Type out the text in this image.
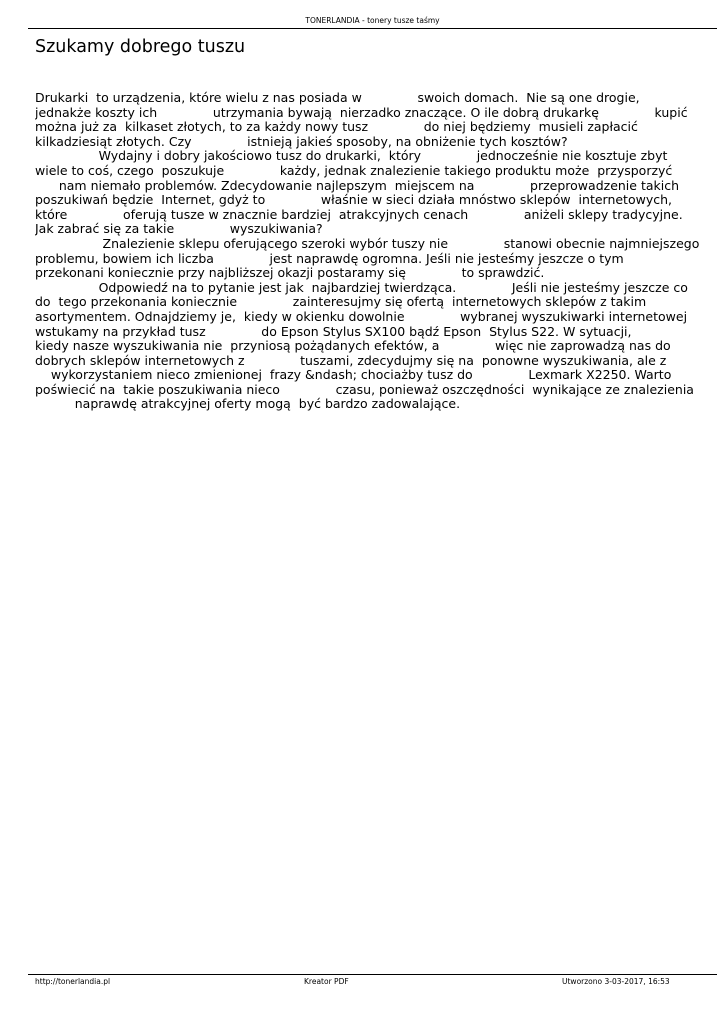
TONERLANDIA - tonery tusze taśmy
Szukamy dobrego tuszu
Drukarki  to urządzenia, które wielu z nas posiada w              swoich domach.  Nie są one drogie,
jednakże koszty ich              utrzymania bywają  nierzadko znaczące. O ile dobrą drukarkę              kupić
można już za  kilkaset złotych, to za każdy nowy tusz              do niej będziemy  musieli zapłacić
kilkadziesiąt złotych. Czy              istnieją jakieś sposoby, na obniżenie tych kosztów?
Wydajny i dobry jakościowo tusz do drukarki,  który              jednocześnie nie kosztuje zbyt
wiele to coś, czego  poszukuje              każdy, jednak znalezienie takiego produktu może  przysporzyć
nam niemało problemów. Zdecydowanie najlepszym  miejscem na              przeprowadzenie takich
poszukiwań będzie  Internet, gdyż to              właśnie w sieci działa mnóstwo sklepów  internetowych,
które              oferują tusze w znacznie bardziej  atrakcyjnych cenach              aniżeli sklepy tradycyjne.
Jak zabrać się za takie              wyszukiwania?
Znalezienie sklepu oferującego szeroki wybór tuszy nie              stanowi obecnie najmniejszego
problemu, bowiem ich liczba              jest naprawdę ogromna. Jeśli nie jesteśmy jeszcze o tym
przekonani koniecznie przy najbliższej okazji postaramy się              to sprawdzić.
Odpowiedź na to pytanie jest jak  najbardziej twierdząca.              Jeśli nie jesteśmy jeszcze co
do  tego przekonania koniecznie              zainteresujmy się ofertą  internetowych sklepów z takim
asortymentem. Odnajdziemy je,  kiedy w okienku dowolnie              wybranej wyszukiwarki internetowej
wstukamy na przykład tusz              do Epson Stylus SX100 bądź Epson  Stylus S22. W sytuacji,
kiedy nasze wyszukiwania nie  przyniosą pożądanych efektów, a              więc nie zaprowadzą nas do
dobrych sklepów internetowych z              tuszami, zdecydujmy się na  ponowne wyszukiwania, ale z
wykorzystaniem nieco zmienionej  frazy &ndash; chociażby tusz do              Lexmark X2250. Warto
poświecić na  takie poszukiwania nieco              czasu, ponieważ oszczędności  wynikające ze znalezienia
naprawdę atrakcyjnej oferty mogą  być bardzo zadowalające.
http://tonerlandia.pl	Kreator PDF	Utworzono 3-03-2017, 16:53
